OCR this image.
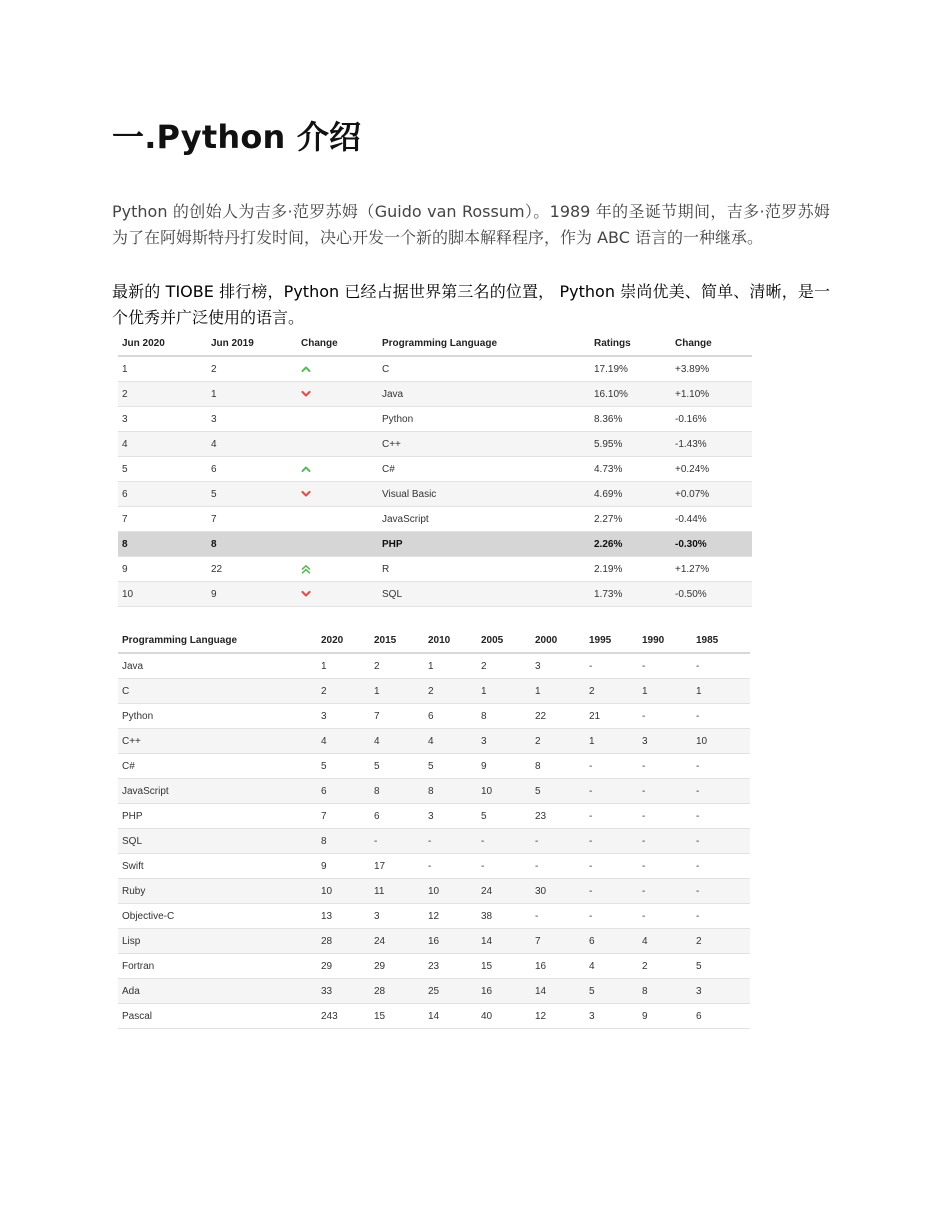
一.Python 介绍

Python 的创始人为吉多·范罗苏姆（Guido van Rossum）。1989 年的圣诞节期间，吉多·范罗苏姆为了在阿姆斯特丹打发时间，决心开发一个新的脚本解释程序，作为 ABC 语言的一种继承。

最新的 TIOBE 排行榜，Python 已经占据世界第三名的位置， Python 崇尚优美、简单、清晰，是一个优秀并广泛使用的语言。

Jun 2020	Jun 2019	Change	Programming Language	Ratings	Change
1	2		C	17.19%	+3.89%
2	1		Java	16.10%	+1.10%
3	3		Python	8.36%	-0.16%
4	4		C++	5.95%	-1.43%
5	6		C#	4.73%	+0.24%
6	5		Visual Basic	4.69%	+0.07%
7	7		JavaScript	2.27%	-0.44%
8	8		PHP	2.26%	-0.30%
9	22		R	2.19%	+1.27%
10	9		SQL	1.73%	-0.50%
Programming Language	2020	2015	2010	2005	2000	1995	1990	1985
Java	1	2	1	2	3	-	-	-
C	2	1	2	1	1	2	1	1
Python	3	7	6	8	22	21	-	-
C++	4	4	4	3	2	1	3	10
C#	5	5	5	9	8	-	-	-
JavaScript	6	8	8	10	5	-	-	-
PHP	7	6	3	5	23	-	-	-
SQL	8	-	-	-	-	-	-	-
Swift	9	17	-	-	-	-	-	-
Ruby	10	11	10	24	30	-	-	-
Objective-C	13	3	12	38	-	-	-	-
Lisp	28	24	16	14	7	6	4	2
Fortran	29	29	23	15	16	4	2	5
Ada	33	28	25	16	14	5	8	3
Pascal	243	15	14	40	12	3	9	6
